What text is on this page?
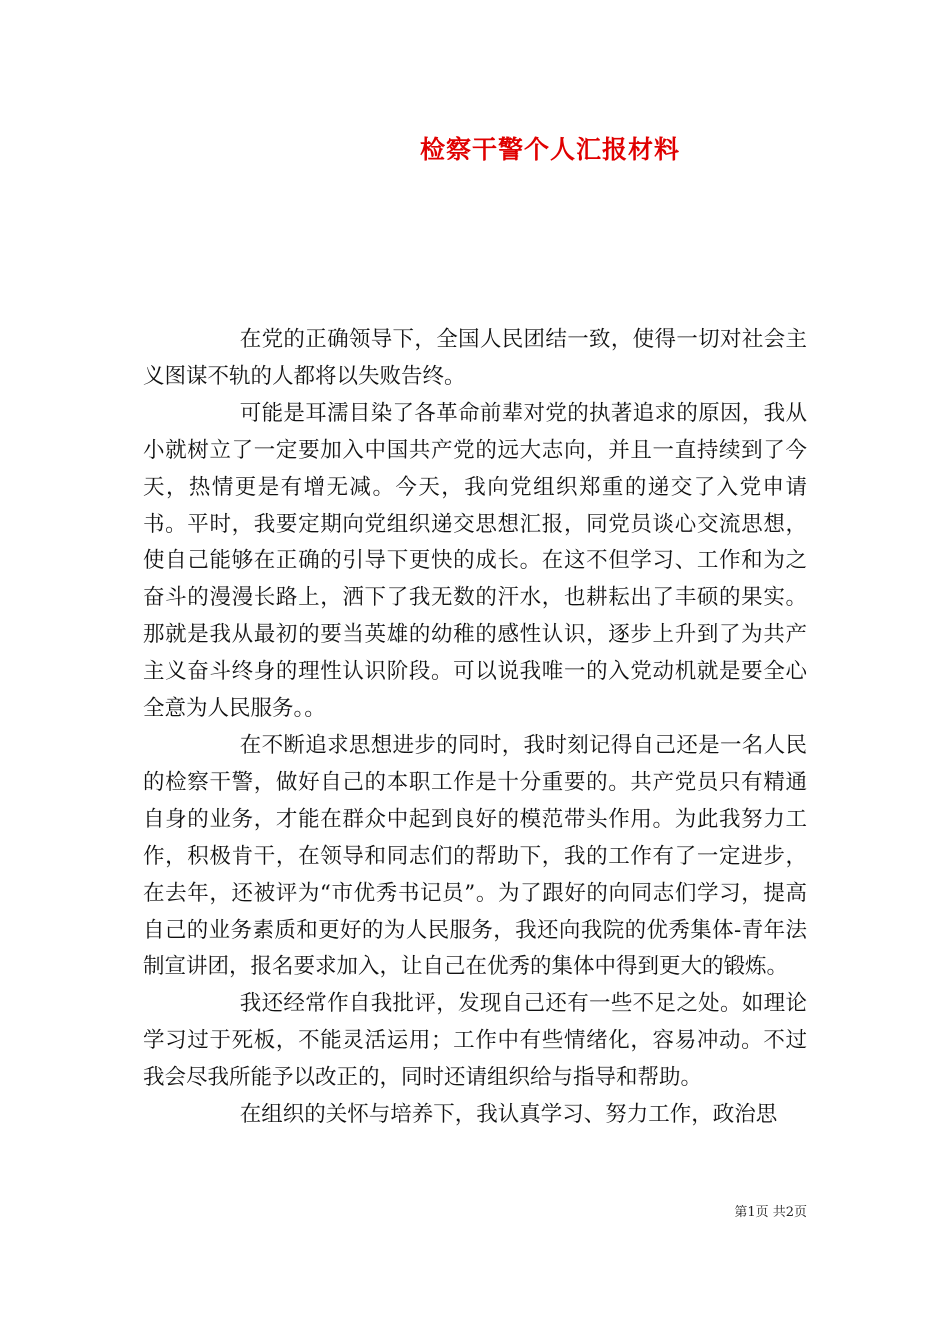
检察干警个人汇报材料

在党的正确领导下，全国人民团结一致，使得一切对社会主义图谋不轨的人都将以失败告终。

可能是耳濡目染了各革命前辈对党的执著追求的原因，我从小就树立了一定要加入中国共产党的远大志向，并且一直持续到了今天，热情更是有增无减。今天，我向党组织郑重的递交了入党申请书。平时，我要定期向党组织递交思想汇报，同党员谈心交流思想，使自己能够在正确的引导下更快的成长。在这不但学习、工作和为之奋斗的漫漫长路上，洒下了我无数的汗水，也耕耘出了丰硕的果实。那就是我从最初的要当英雄的幼稚的感性认识，逐步上升到了为共产主义奋斗终身的理性认识阶段。可以说我唯一的入党动机就是要全心全意为人民服务。。

在不断追求思想进步的同时，我时刻记得自己还是一名人民的检察干警，做好自己的本职工作是十分重要的。共产党员只有精通自身的业务，才能在群众中起到良好的模范带头作用。为此我努力工作，积极肯干，在领导和同志们的帮助下，我的工作有了一定进步，在去年，还被评为“市优秀书记员”。为了跟好的向同志们学习，提高自己的业务素质和更好的为人民服务，我还向我院的优秀集体-青年法制宣讲团，报名要求加入，让自己在优秀的集体中得到更大的锻炼。

我还经常作自我批评，发现自己还有一些不足之处。如理论学习过于死板，不能灵活运用；工作中有些情绪化，容易冲动。不过我会尽我所能予以改正的，同时还请组织给与指导和帮助。

在组织的关怀与培养下，我认真学习、努力工作，政治思

第1页 共2页
